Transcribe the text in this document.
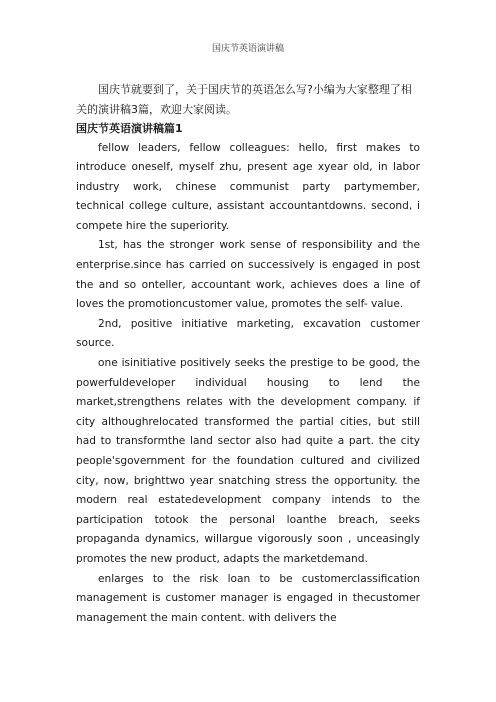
国庆节英语演讲稿

国庆节就要到了，关于国庆节的英语怎么写?小编为大家整理了相关的演讲稿3篇，欢迎大家阅读。

国庆节英语演讲稿篇1

fellow leaders, fellow colleagues: hello, first makes to introduce oneself, myself zhu, present age xyear old, in labor industry work, chinese communist party partymember, technical college culture, assistant accountantdowns. second, i compete hire the superiority.

1st, has the stronger work sense of responsibility and the enterprise.since has carried on successively is engaged in post the and so onteller, accountant work, achieves does a line of loves the promotioncustomer value, promotes the self- value.

2nd, positive initiative marketing, excavation customer source.

one isinitiative positively seeks the prestige to be good, the powerfuldeveloper individual housing to lend the market,strengthens relates with the development company. if city althoughrelocated transformed the partial cities, but still had to transformthe land sector also had quite a part. the city people'sgovernment for the foundation cultured and civilized city, now, brighttwo year snatching stress the opportunity. the modern real estatedevelopment company intends to the participation totook the personal loanthe breach, seeks propaganda dynamics, willargue vigorously soon , unceasingly promotes the new product, adapts the marketdemand.

enlarges to the risk loan to be customerclassification management is customer manager is engaged in thecustomer management the main content. with delivers the
